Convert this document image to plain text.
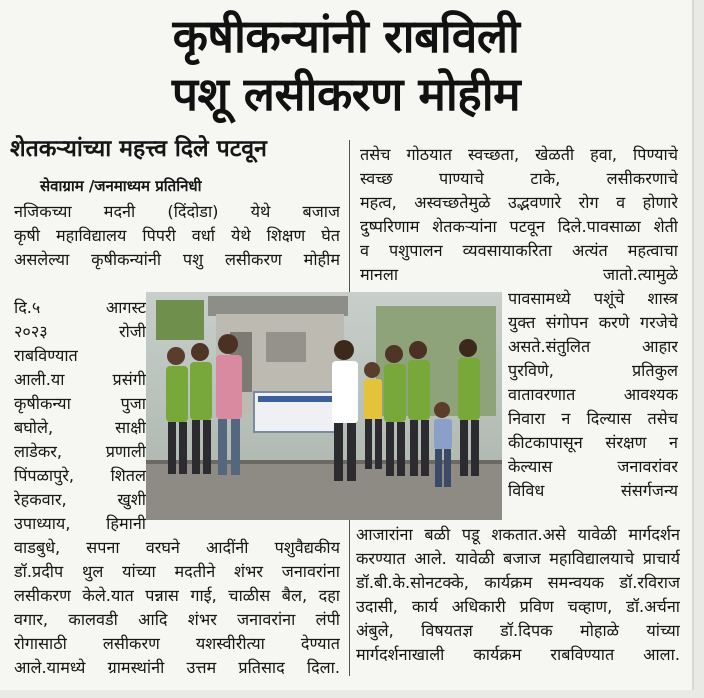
कृषीकन्यांनी राबविली
पशू लसीकरण मोहीम
शेतकऱ्यांच्या महत्त्व दिले पटवून
सेवाग्राम /जनमाध्यम प्रतिनिधी
नजिकच्या मदनी (दिंदोडा) येथे बजाज
कृषी महाविद्यालय पिपरी वर्धा येथे शिक्षण घेत
असलेल्या कृषीकन्यांनी पशु लसीकरण मोहीम
दि.५ आगस्ट
२०२३ रोजी
राबविण्यात
आली.या प्रसंगी
कृषीकन्या पुजा
बघोले, साक्षी
लाडेकर, प्रणाली
पिंपळापुरे, शितल
रेहकवार, खुशी
उपाध्याय, हिमानी
तसेच गोठयात स्वच्छता, खेळती हवा, पिण्याचे
स्वच्छ पाण्याचे टाके, लसीकरणाचे
महत्व, अस्वच्छतेमुळे उद्भवणारे रोग व होणारे
दुष्परिणाम शेतकऱ्यांना पटवून दिले.पावसाळा शेती
व पशुपालन व्यवसायाकरिता अत्यंत महत्वाचा
मानला जातो.त्यामुळे
पावसामध्ये पशूंचे शास्त्र
युक्त संगोपन करणे गरजेचे
असते.संतुलित आहार
पुरविणे, प्रतिकुल
वातावरणात आवश्यक
निवारा न दिल्यास तसेच
कीटकापासून संरक्षण न
केल्यास जनावरांवर
विविध संसर्गजन्य
वाडबुधे, सपना वरघने आदींनी पशुवैद्यकीय
डॉ.प्रदीप थुल यांच्या मदतीने शंभर जनावरांना
लसीकरण केले.यात पन्नास गाई, चाळीस बैल, दहा
वगार, कालवडी आदि शंभर जनावरांना लंपी
रोगासाठी लसीकरण यशस्वीरीत्या देण्यात
आले.यामध्ये ग्रामस्थांनी उत्तम प्रतिसाद दिला.
आजारांना बळी पडू शकतात.असे यावेळी मार्गदर्शन
करण्यात आले. यावेळी बजाज महाविद्यालयाचे प्राचार्य
डॉ.बी.के.सोनटक्के, कार्यक्रम समन्वयक डॉ.रविराज
उदासी, कार्य अधिकारी प्रविण चव्हाण, डॉ.अर्चना
अंबुले, विषयतज्ञ डॉ.दिपक मोहाळे यांच्या
मार्गदर्शनाखाली कार्यक्रम राबविण्यात आला.
